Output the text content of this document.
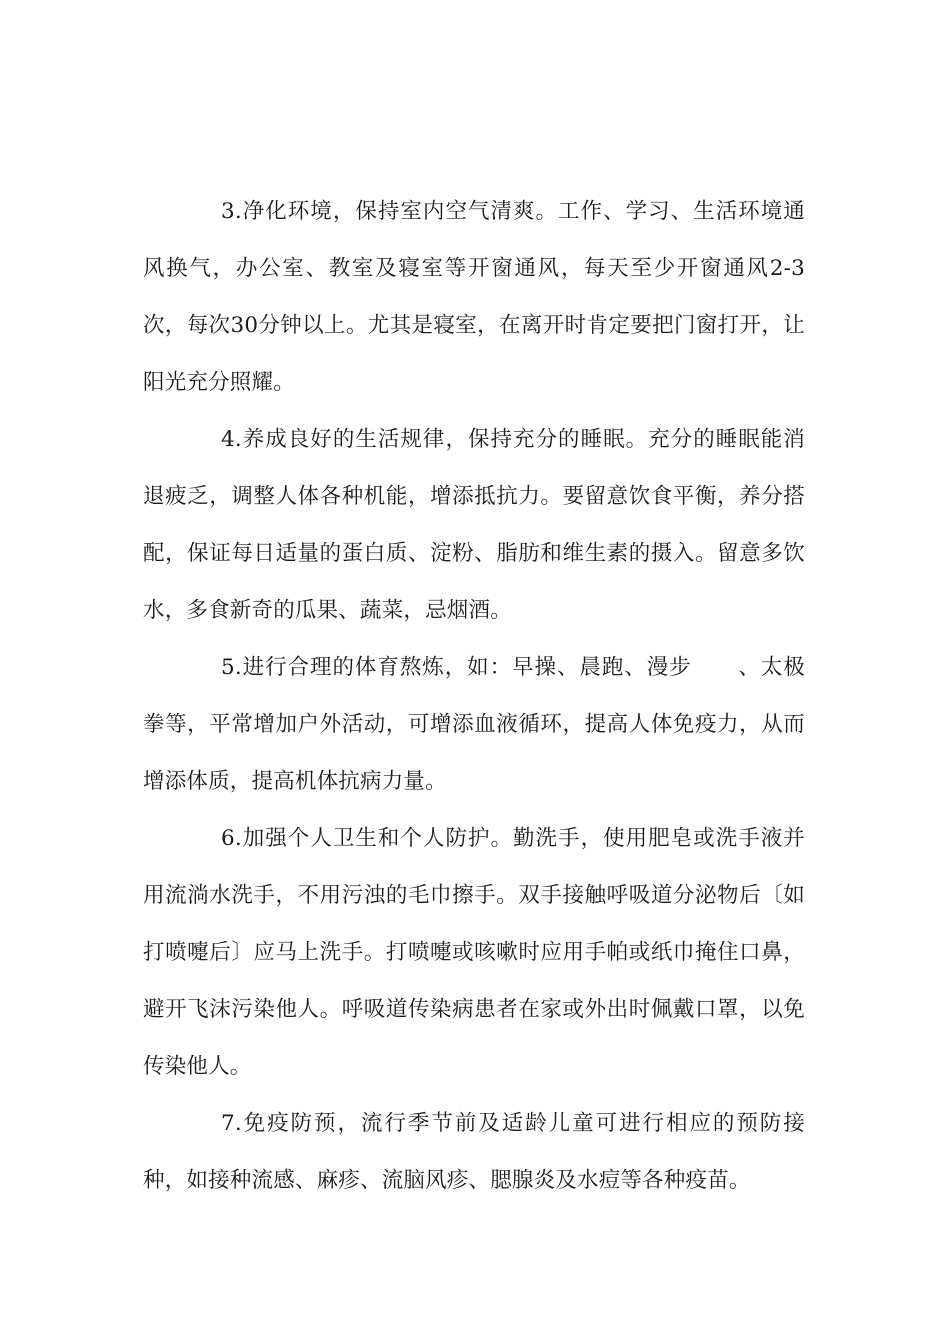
3.净化环境，保持室内空气清爽。工作、学习、生活环境通风换气，办公室、教室及寝室等开窗通风，每天至少开窗通风2-3次，每次30分钟以上。尤其是寝室，在离开时肯定要把门窗打开，让阳光充分照耀。

4.养成良好的生活规律，保持充分的睡眠。充分的睡眠能消退疲乏，调整人体各种机能，增添抵抗力。要留意饮食平衡，养分搭配，保证每日适量的蛋白质、淀粉、脂肪和维生素的摄入。留意多饮水，多食新奇的瓜果、蔬菜，忌烟酒。

5.进行合理的体育熬炼，如：早操、晨跑、漫步 、太极拳等，平常增加户外活动，可增添血液循环，提高人体免疫力，从而增添体质，提高机体抗病力量。

6.加强个人卫生和个人防护。勤洗手，使用肥皂或洗手液并用流淌水洗手，不用污浊的毛巾擦手。双手接触呼吸道分泌物后〔如打喷嚏后〕应马上洗手。打喷嚏或咳嗽时应用手帕或纸巾掩住口鼻，避开飞沫污染他人。呼吸道传染病患者在家或外出时佩戴口罩，以免传染他人。

7.免疫防预，流行季节前及适龄儿童可进行相应的预防接种，如接种流感、麻疹、流脑风疹、腮腺炎及水痘等各种疫苗。
